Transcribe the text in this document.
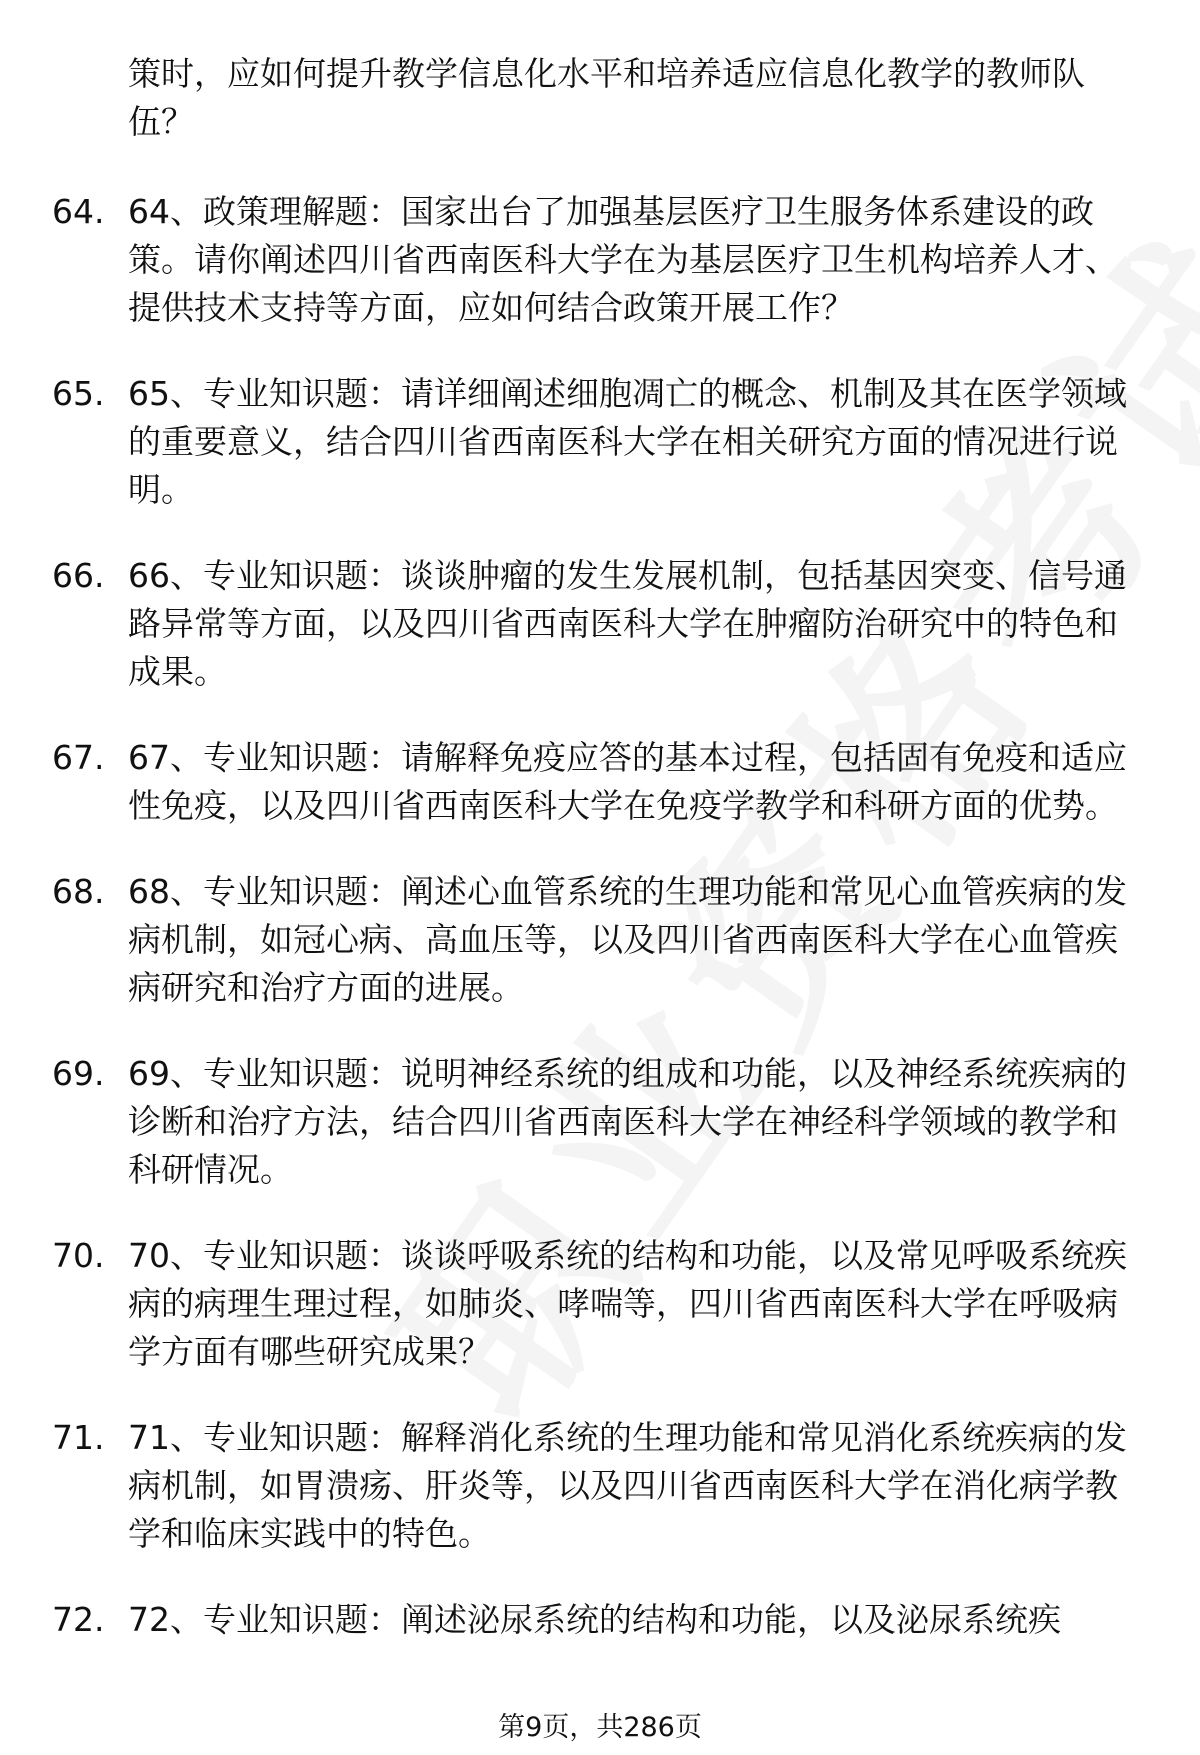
策时，应如何提升教学信息化水平和培养适应信息化教学的教师队伍？
64. 64、政策理解题：国家出台了加强基层医疗卫生服务体系建设的政策。请你阐述四川省西南医科大学在为基层医疗卫生机构培养人才、提供技术支持等方面，应如何结合政策开展工作？
65. 65、专业知识题：请详细阐述细胞凋亡的概念、机制及其在医学领域的重要意义，结合四川省西南医科大学在相关研究方面的情况进行说明。
66. 66、专业知识题：谈谈肿瘤的发生发展机制，包括基因突变、信号通路异常等方面，以及四川省西南医科大学在肿瘤防治研究中的特色和成果。
67. 67、专业知识题：请解释免疫应答的基本过程，包括固有免疫和适应性免疫，以及四川省西南医科大学在免疫学教学和科研方面的优势。
68. 68、专业知识题：阐述心血管系统的生理功能和常见心血管疾病的发病机制，如冠心病、高血压等，以及四川省西南医科大学在心血管疾病研究和治疗方面的进展。
69. 69、专业知识题：说明神经系统的组成和功能，以及神经系统疾病的诊断和治疗方法，结合四川省西南医科大学在神经科学领域的教学和科研情况。
70. 70、专业知识题：谈谈呼吸系统的结构和功能，以及常见呼吸系统疾病的病理生理过程，如肺炎、哮喘等，四川省西南医科大学在呼吸病学方面有哪些研究成果？
71. 71、专业知识题：解释消化系统的生理功能和常见消化系统疾病的发病机制，如胃溃疡、肝炎等，以及四川省西南医科大学在消化病学教学和临床实践中的特色。
72. 72、专业知识题：阐述泌尿系统的结构和功能，以及泌尿系统疾
第9页，共286页
